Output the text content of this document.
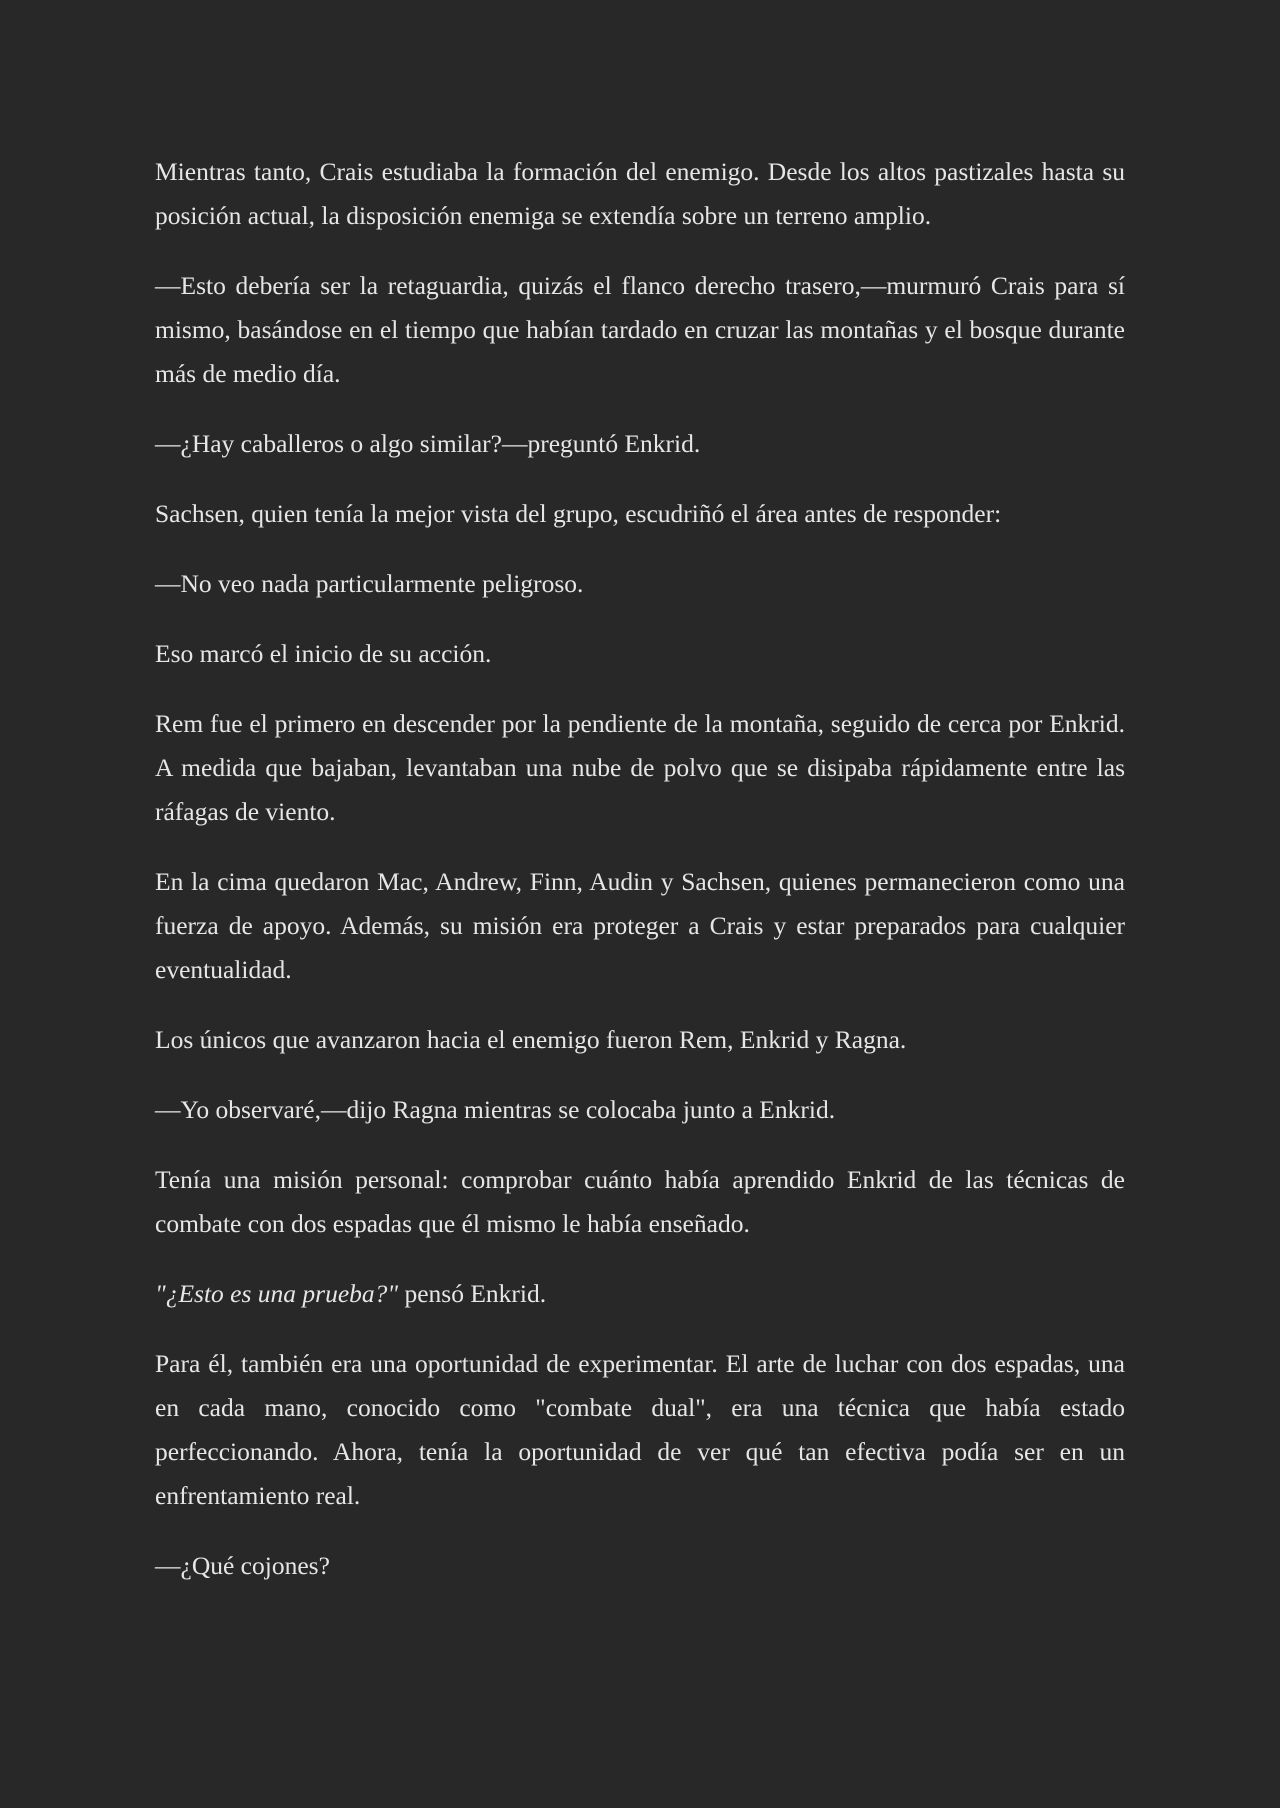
Mientras tanto, Crais estudiaba la formación del enemigo. Desde los altos pastizales hasta su posición actual, la disposición enemiga se extendía sobre un terreno amplio.

—Esto debería ser la retaguardia, quizás el flanco derecho trasero,—murmuró Crais para sí mismo, basándose en el tiempo que habían tardado en cruzar las montañas y el bosque durante más de medio día.

—¿Hay caballeros o algo similar?—preguntó Enkrid.

Sachsen, quien tenía la mejor vista del grupo, escudriñó el área antes de responder:

—No veo nada particularmente peligroso.

Eso marcó el inicio de su acción.

Rem fue el primero en descender por la pendiente de la montaña, seguido de cerca por Enkrid. A medida que bajaban, levantaban una nube de polvo que se disipaba rápidamente entre las ráfagas de viento.

En la cima quedaron Mac, Andrew, Finn, Audin y Sachsen, quienes permanecieron como una fuerza de apoyo. Además, su misión era proteger a Crais y estar preparados para cualquier eventualidad.

Los únicos que avanzaron hacia el enemigo fueron Rem, Enkrid y Ragna.

—Yo observaré,—dijo Ragna mientras se colocaba junto a Enkrid.

Tenía una misión personal: comprobar cuánto había aprendido Enkrid de las técnicas de combate con dos espadas que él mismo le había enseñado.

"¿Esto es una prueba?" pensó Enkrid.

Para él, también era una oportunidad de experimentar. El arte de luchar con dos espadas, una en cada mano, conocido como "combate dual", era una técnica que había estado perfeccionando. Ahora, tenía la oportunidad de ver qué tan efectiva podía ser en un enfrentamiento real.

—¿Qué cojones?
